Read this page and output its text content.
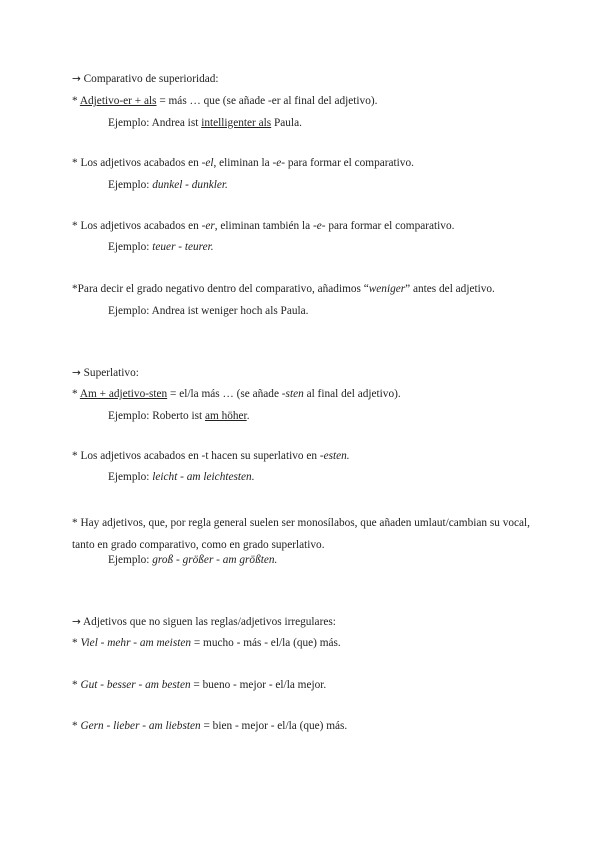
→ Comparativo de superioridad:
* Adjetivo-er + als = más … que (se añade -er al final del adjetivo).
Ejemplo: Andrea ist intelligenter als Paula.
* Los adjetivos acabados en -el, eliminan la -e- para formar el comparativo.
Ejemplo: dunkel - dunkler.
* Los adjetivos acabados en -er, eliminan también la -e- para formar el comparativo.
Ejemplo: teuer - teurer.
*Para decir el grado negativo dentro del comparativo, añadimos “weniger” antes del adjetivo.
Ejemplo: Andrea ist weniger hoch als Paula.
→ Superlativo:
* Am + adjetivo-sten = el/la más … (se añade -sten al final del adjetivo).
Ejemplo: Roberto ist am höher.
* Los adjetivos acabados en -t hacen su superlativo en -esten.
Ejemplo: leicht - am leichtesten.
* Hay adjetivos, que, por regla general suelen ser monosílabos, que añaden umlaut/cambian su vocal, tanto en grado comparativo, como en grado superlativo.
Ejemplo: groß - größer - am größten.
→ Adjetivos que no siguen las reglas/adjetivos irregulares:
* Viel - mehr - am meisten = mucho - más - el/la (que) más.
* Gut - besser - am besten = bueno - mejor - el/la mejor.
* Gern - lieber - am liebsten = bien - mejor - el/la (que) más.
